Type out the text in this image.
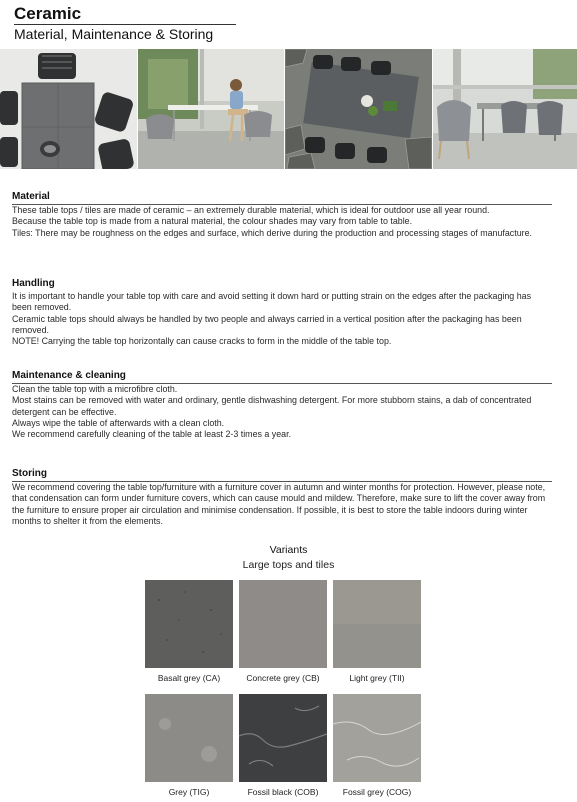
Ceramic
Material, Maintenance & Storing
Material

These table tops / tiles are made of ceramic – an extremely durable material, which is ideal for outdoor use all year round.

Because the table top is made from a natural material, the colour shades may vary from table to table.

Tiles: There may be roughness on the edges and surface, which derive during the production and processing stages of manufacture.

Handling

It is important to handle your table top with care and avoid setting it down hard or putting strain on the edges after the packaging has been removed.

Ceramic table tops should always be handled by two people and always carried in a vertical position after the packaging has been removed.

NOTE! Carrying the table top horizontally can cause cracks to form in the middle of the table top.

Maintenance & cleaning

Clean the table top with a microfibre cloth.

Most stains can be removed with water and ordinary, gentle dishwashing detergent. For more stubborn stains, a dab of concentrated detergent can be effective.

Always wipe the table of afterwards with a clean cloth.

We recommend carefully cleaning of the table at least 2-3 times a year.

Storing

We recommend covering the table top/furniture with a furniture cover in autumn and winter months for protection. However, please note, that condensation can form under furniture covers, which can cause mould and mildew. Therefore, make sure to lift the cover away from the furniture to ensure proper air circulation and minimise condensation. If possible, it is best to store the table indoors during winter months to shelter it from the elements.

Variants
Large tops and tiles
Basalt grey (CA)	Concrete grey (CB)	Light grey (TII)
Grey (TIG)	Fossil black (COB)	Fossil grey (COG)
